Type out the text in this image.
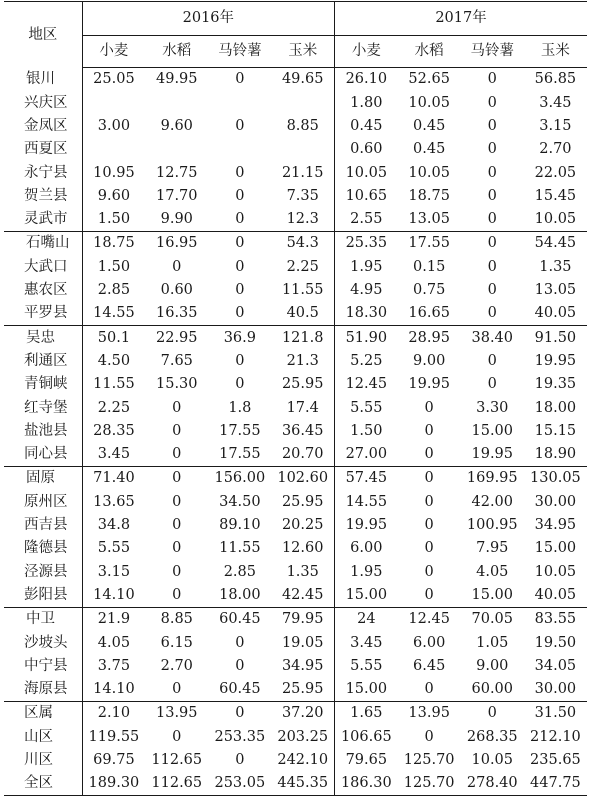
地区	2016年				2017年			
	小麦	水稻	马铃薯	玉米	小麦	水稻	马铃薯	玉米
银川	25.05	49.95	0	49.65	26.10	52.65	0	56.85
兴庆区					1.80	10.05	0	3.45
金凤区	3.00	9.60	0	8.85	0.45	0.45	0	3.15
西夏区					0.60	0.45	0	2.70
永宁县	10.95	12.75	0	21.15	10.05	10.05	0	22.05
贺兰县	9.60	17.70	0	7.35	10.65	18.75	0	15.45
灵武市	1.50	9.90	0	12.3	2.55	13.05	0	10.05
石嘴山	18.75	16.95	0	54.3	25.35	17.55	0	54.45
大武口	1.50	0	0	2.25	1.95	0.15	0	1.35
惠农区	2.85	0.60	0	11.55	4.95	0.75	0	13.05
平罗县	14.55	16.35	0	40.5	18.30	16.65	0	40.05
吴忠	50.1	22.95	36.9	121.8	51.90	28.95	38.40	91.50
利通区	4.50	7.65	0	21.3	5.25	9.00	0	19.95
青铜峡	11.55	15.30	0	25.95	12.45	19.95	0	19.35
红寺堡	2.25	0	1.8	17.4	5.55	0	3.30	18.00
盐池县	28.35	0	17.55	36.45	1.50	0	15.00	15.15
同心县	3.45	0	17.55	20.70	27.00	0	19.95	18.90
固原	71.40	0	156.00	102.60	57.45	0	169.95	130.05
原州区	13.65	0	34.50	25.95	14.55	0	42.00	30.00
西吉县	34.8	0	89.10	20.25	19.95	0	100.95	34.95
隆德县	5.55	0	11.55	12.60	6.00	0	7.95	15.00
泾源县	3.15	0	2.85	1.35	1.95	0	4.05	10.05
彭阳县	14.10	0	18.00	42.45	15.00	0	15.00	40.05
中卫	21.9	8.85	60.45	79.95	24	12.45	70.05	83.55
沙坡头	4.05	6.15	0	19.05	3.45	6.00	1.05	19.50
中宁县	3.75	2.70	0	34.95	5.55	6.45	9.00	34.05
海原县	14.10	0	60.45	25.95	15.00	0	60.00	30.00
区属	2.10	13.95	0	37.20	1.65	13.95	0	31.50
山区	119.55	0	253.35	203.25	106.65	0	268.35	212.10
川区	69.75	112.65	0	242.10	79.65	125.70	10.05	235.65
全区	189.30	112.65	253.05	445.35	186.30	125.70	278.40	447.75
